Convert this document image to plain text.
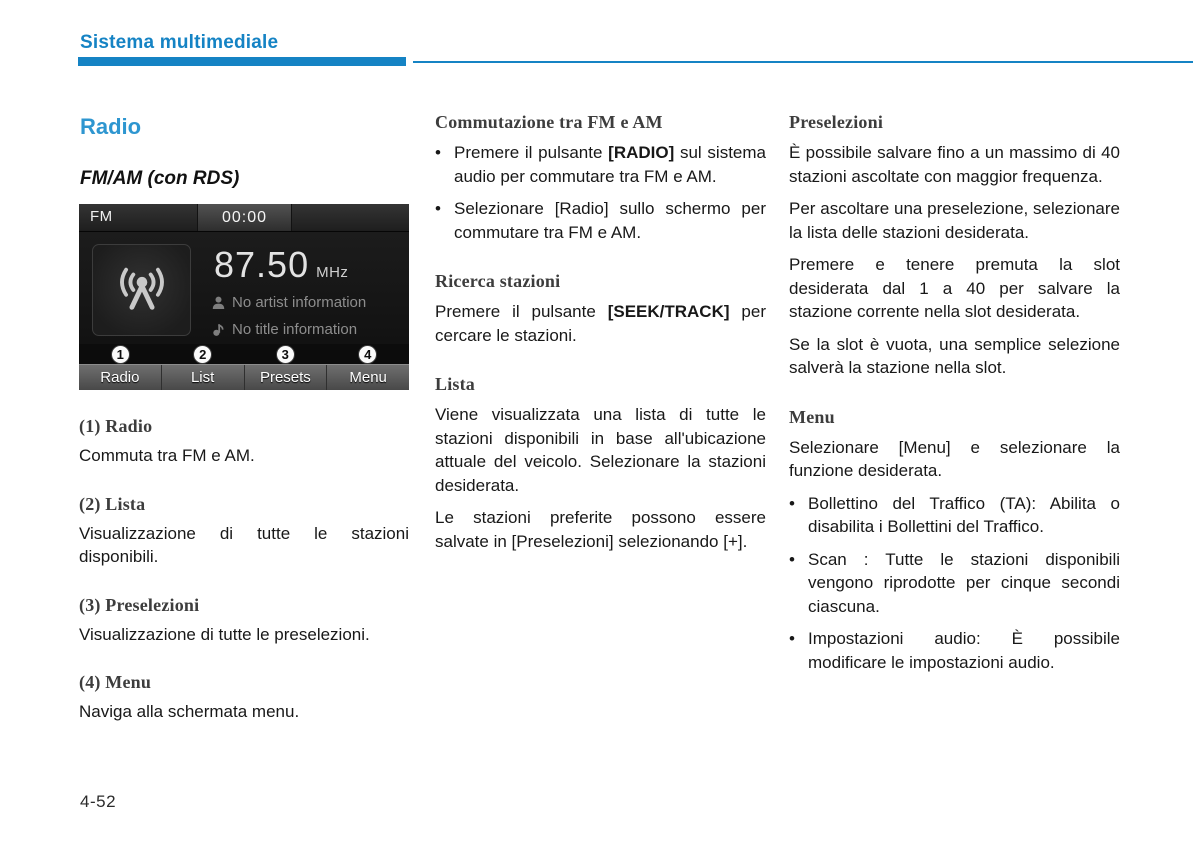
Sistema multimediale
Radio
FM/AM (con RDS)
FM	00:00
87.50 MHz
No artist information
No title information
1	2	3	4
Radio	List	Presets	Menu
(1) Radio

Commuta tra FM e AM.

(2) Lista

Visualizzazione di tutte le stazioni disponibili.

(3) Preselezioni

Visualizzazione di tutte le preselezioni.

(4) Menu

Naviga alla schermata menu.

Commutazione tra FM e AM
•
Premere il pulsante [RADIO] sul sistema audio per commutare tra FM e AM.
•
Selezionare [Radio] sullo schermo per commutare tra FM e AM.
Ricerca stazioni

Premere il pulsante [SEEK/TRACK] per cercare le stazioni.

Lista

Viene visualizzata una lista di tutte le stazioni disponibili in base all'ubicazione attuale del veicolo. Selezionare la stazioni desiderata.

Le stazioni preferite possono essere salvate in [Preselezioni] selezionando [+].

Preselezioni

È possibile salvare fino a un massimo di 40 stazioni ascoltate con maggior frequenza.

Per ascoltare una preselezione, selezionare la lista delle stazioni desiderata.

Premere e tenere premuta la slot desiderata dal 1 a 40 per salvare la stazione corrente nella slot desiderata.

Se la slot è vuota, una semplice selezione salverà la stazione nella slot.

Menu

Selezionare [Menu] e selezionare la funzione desiderata.

•
Bollettino del Traffico (TA): Abilita o disabilita i Bollettini del Traffico.
•
Scan : Tutte le stazioni disponibili vengono riprodotte per cinque secondi ciascuna.
•
Impostazioni audio: È possibile modificare le impostazioni audio.
4-52
